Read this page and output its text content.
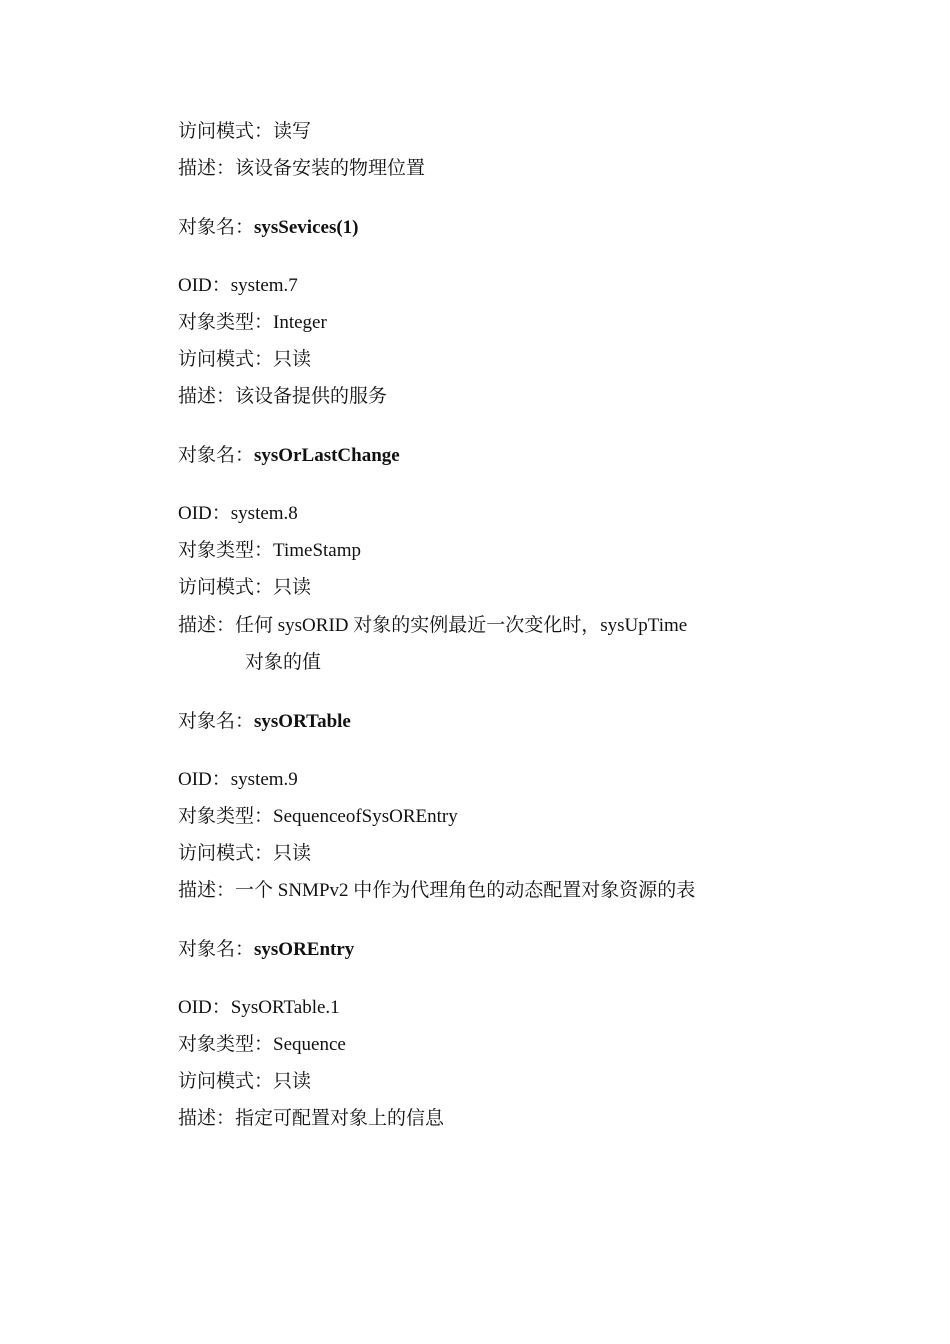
访问模式：读写
描述：该设备安装的物理位置
对象名：sysSevices(1)
OID：system.7
对象类型：Integer
访问模式：只读
描述：该设备提供的服务
对象名：sysOrLastChange
OID：system.8
对象类型：TimeStamp
访问模式：只读
描述：任何 sysORID 对象的实例最近一次变化时，sysUpTime
对象的值
对象名：sysORTable
OID：system.9
对象类型：SequenceofSysOREntry
访问模式：只读
描述：一个 SNMPv2 中作为代理角色的动态配置对象资源的表
对象名：sysOREntry
OID：SysORTable.1
对象类型：Sequence
访问模式：只读
描述：指定可配置对象上的信息
